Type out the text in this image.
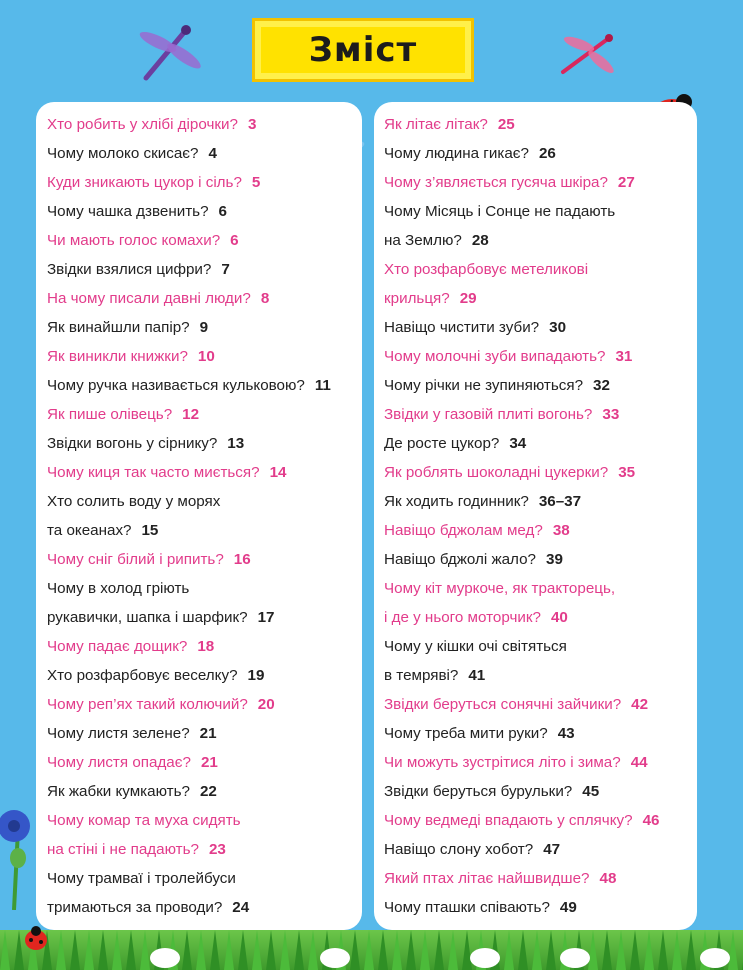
Зміст
Хто робить у хлібі дірочки? 3
Чому молоко скисає? 4
Куди зникають цукор і сіль? 5
Чому чашка дзвенить? 6
Чи мають голос комахи? 6
Звідки взялися цифри? 7
На чому писали давні люди? 8
Як винайшли папір? 9
Як виникли книжки? 10
Чому ручка називається кульковою? 11
Як пише олівець? 12
Звідки вогонь у сірнику? 13
Чому киця так часто миється? 14
Хто солить воду у морях
та океанах? 15
Чому сніг білий і рипить? 16
Чому в холод гріють
рукавички, шапка і шарфик? 17
Чому падає дощик? 18
Хто розфарбовує веселку? 19
Чому реп’ях такий колючий? 20
Чому листя зелене? 21
Чому листя опадає? 21
Як жабки кумкають? 22
Чому комар та муха сидять
на стіні і не падають? 23
Чому трамваї і тролейбуси
тримаються за проводи? 24
Як літає літак? 25
Чому людина гикає? 26
Чому з’являється гусяча шкіра? 27
Чому Місяць і Сонце не падають
на Землю? 28
Хто розфарбовує метеликові
крильця? 29
Навіщо чистити зуби? 30
Чому молочні зуби випадають? 31
Чому річки не зупиняються? 32
Звідки у газовій плиті вогонь? 33
Де росте цукор? 34
Як роблять шоколадні цукерки? 35
Як ходить годинник? 36–37
Навіщо бджолам мед? 38
Навіщо бджолі жало? 39
Чому кіт муркоче, як тракторець,
і де у нього моторчик? 40
Чому у кішки очі світяться
в темряві? 41
Звідки беруться сонячні зайчики? 42
Чому треба мити руки? 43
Чи можуть зустрітися літо і зима? 44
Звідки беруться бурульки? 45
Чому ведмеді впадають у сплячку? 46
Навіщо слону хобот? 47
Який птах літає найшвидше? 48
Чому пташки співають? 49
